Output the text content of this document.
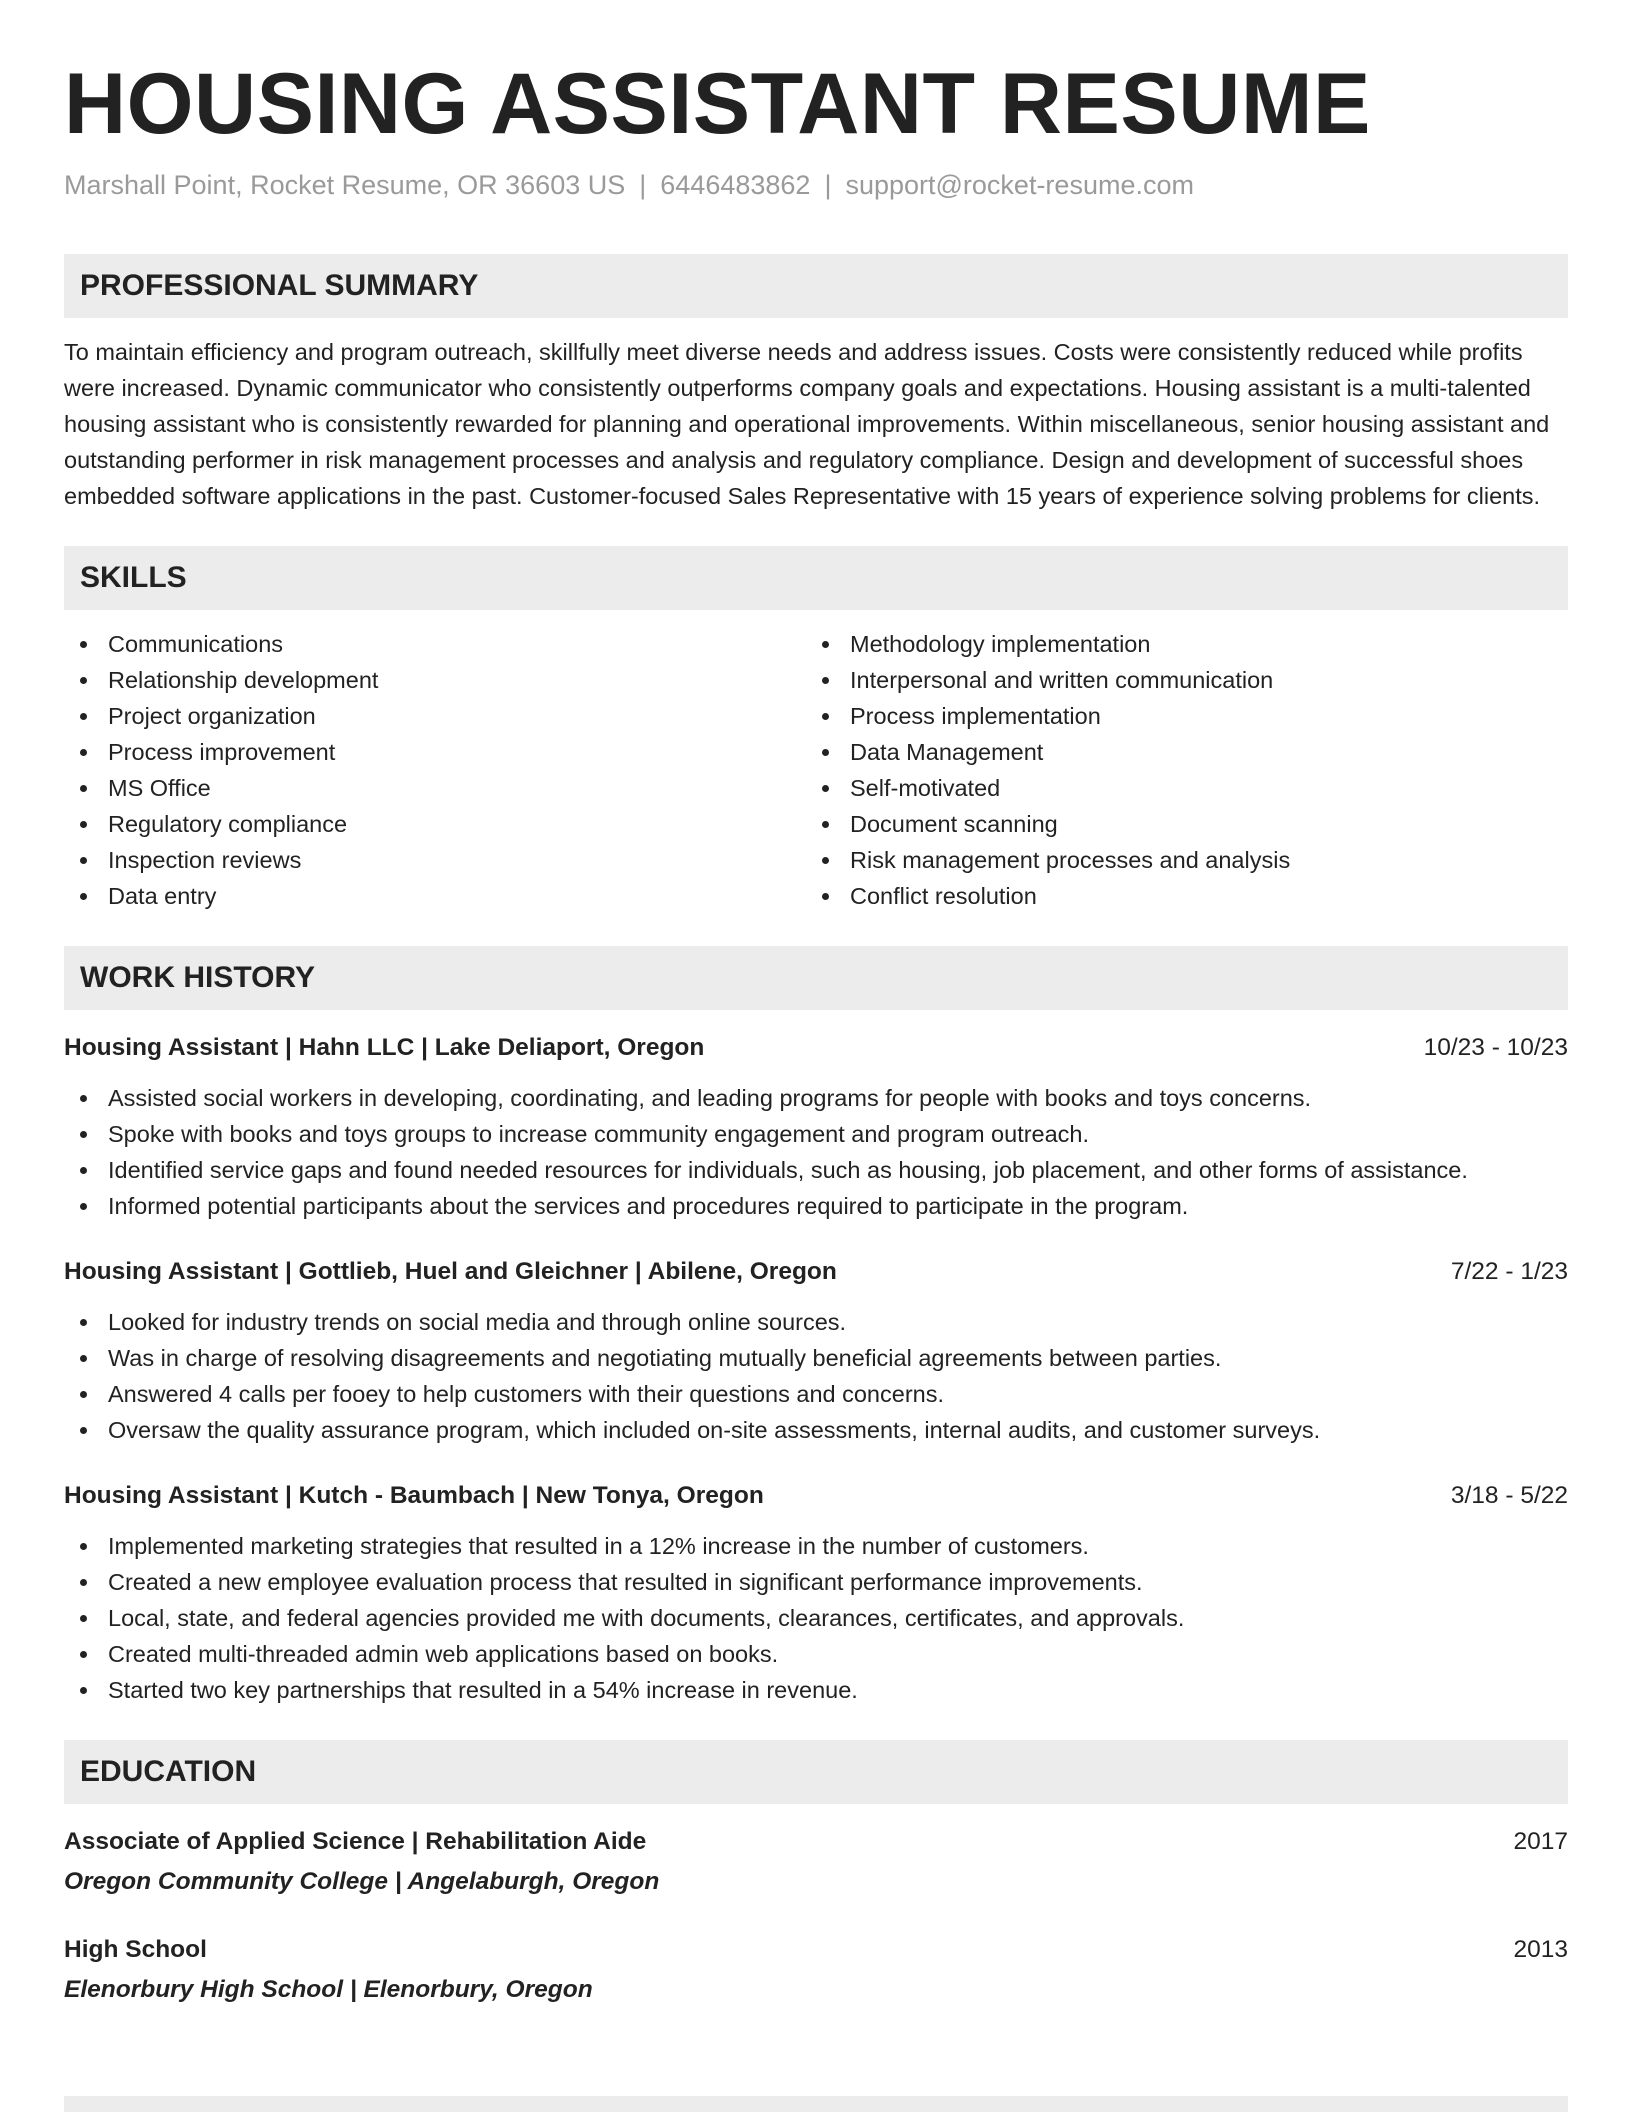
HOUSING ASSISTANT RESUME
Marshall Point, Rocket Resume, OR 36603 US | 6446483862 | support@rocket-resume.com
PROFESSIONAL SUMMARY
To maintain efficiency and program outreach, skillfully meet diverse needs and address issues. Costs were consistently reduced while profits were increased. Dynamic communicator who consistently outperforms company goals and expectations. Housing assistant is a multi-talented housing assistant who is consistently rewarded for planning and operational improvements. Within miscellaneous, senior housing assistant and outstanding performer in risk management processes and analysis and regulatory compliance. Design and development of successful shoes embedded software applications in the past. Customer-focused Sales Representative with 15 years of experience solving problems for clients.
SKILLS
Communications
Relationship development
Project organization
Process improvement
MS Office
Regulatory compliance
Inspection reviews
Data entry
Methodology implementation
Interpersonal and written communication
Process implementation
Data Management
Self-motivated
Document scanning
Risk management processes and analysis
Conflict resolution
WORK HISTORY
Housing Assistant | Hahn LLC | Lake Deliaport, Oregon	10/23 - 10/23
Assisted social workers in developing, coordinating, and leading programs for people with books and toys concerns.
Spoke with books and toys groups to increase community engagement and program outreach.
Identified service gaps and found needed resources for individuals, such as housing, job placement, and other forms of assistance.
Informed potential participants about the services and procedures required to participate in the program.
Housing Assistant | Gottlieb, Huel and Gleichner | Abilene, Oregon	7/22 - 1/23
Looked for industry trends on social media and through online sources.
Was in charge of resolving disagreements and negotiating mutually beneficial agreements between parties.
Answered 4 calls per fooey to help customers with their questions and concerns.
Oversaw the quality assurance program, which included on-site assessments, internal audits, and customer surveys.
Housing Assistant | Kutch - Baumbach | New Tonya, Oregon	3/18 - 5/22
Implemented marketing strategies that resulted in a 12% increase in the number of customers.
Created a new employee evaluation process that resulted in significant performance improvements.
Local, state, and federal agencies provided me with documents, clearances, certificates, and approvals.
Created multi-threaded admin web applications based on books.
Started two key partnerships that resulted in a 54% increase in revenue.
EDUCATION
Associate of Applied Science | Rehabilitation Aide	2017
Oregon Community College | Angelaburgh, Oregon
High School	2013
Elenorbury High School | Elenorbury, Oregon
